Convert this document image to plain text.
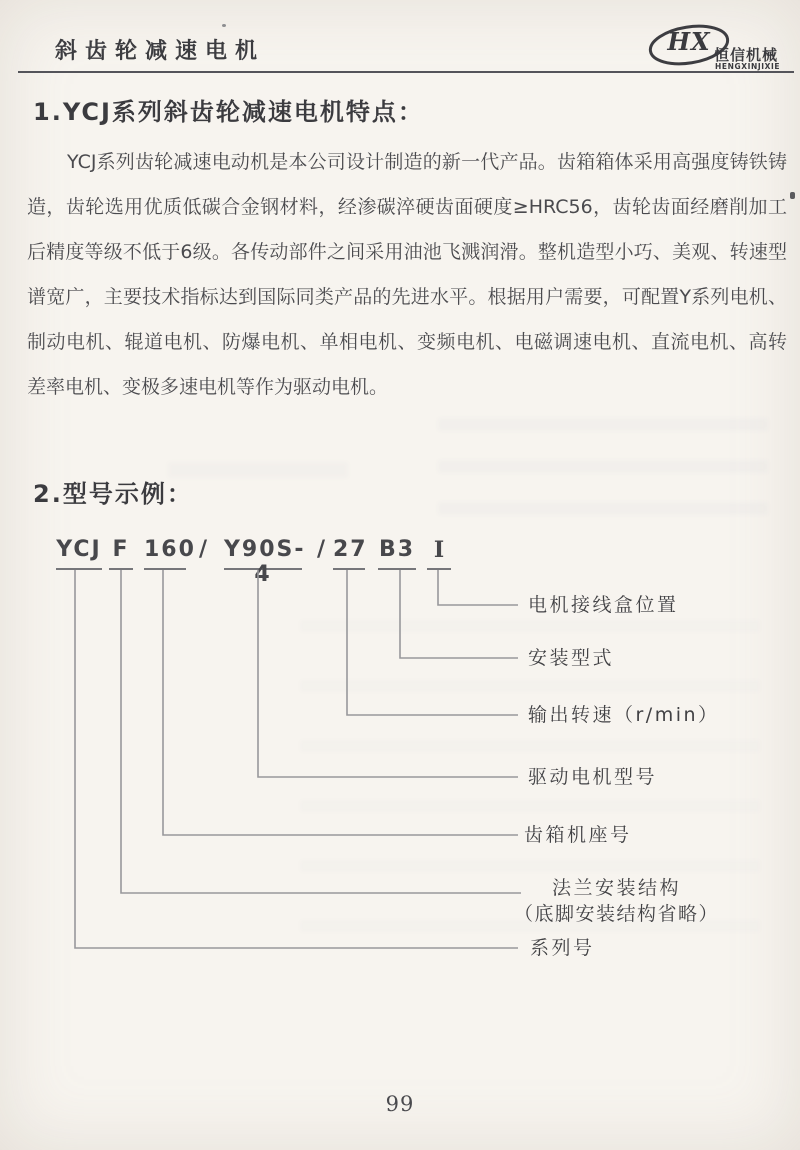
斜齿轮减速电机	HX 恒信机械
HENGXINJIXIE
1.YCJ系列斜齿轮减速电机特点：
YCJ系列齿轮减速电动机是本公司设计制造的新一代产品。齿箱箱体采用高强度铸铁铸
造，齿轮选用优质低碳合金钢材料，经渗碳淬硬齿面硬度≥HRC56，齿轮齿面经磨削加工
后精度等级不低于6级。各传动部件之间采用油池飞溅润滑。整机造型小巧、美观、转速型
谱宽广，主要技术指标达到国际同类产品的先进水平。根据用户需要，可配置Y系列电机、
制动电机、辊道电机、防爆电机、单相电机、变频电机、电磁调速电机、直流电机、高转
差率电机、变极多速电机等作为驱动电机。
2.型号示例：
YCJ F 160 / Y90S-4
/ 27 B3 I
电机接线盒位置
安装型式
输出转速（r/min）
驱动电机型号
齿箱机座号
法兰安装结构
（底脚安装结构省略）
系列号
99
